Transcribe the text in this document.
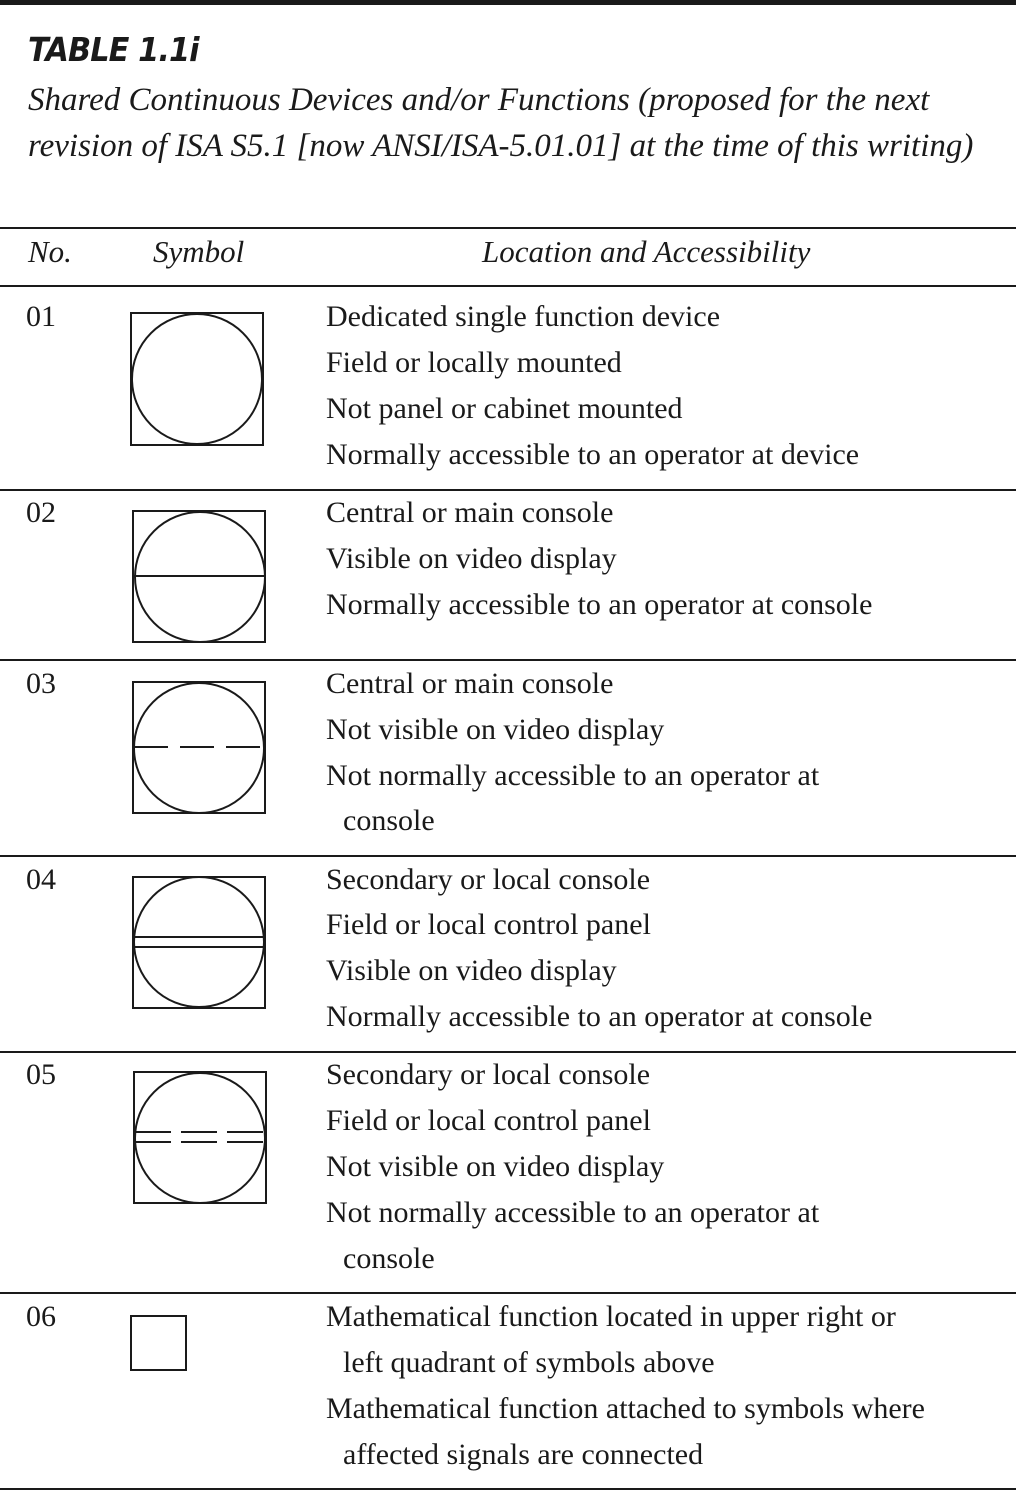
TABLE 1.1i
Shared Continuous Devices and/or Functions (proposed for the next revision of ISA S5.1 [now ANSI/ISA-5.01.01] at the time of this writing)
No.	Symbol	Location and Accessibility
01	Dedicated single function device
Field or locally mounted
Not panel or cabinet mounted
Normally accessible to an operator at device
02	Central or main console
Visible on video display
Normally accessible to an operator at console
03	Central or main console
Not visible on video display
Not normally accessible to an operator at
console
04	Secondary or local console
Field or local control panel
Visible on video display
Normally accessible to an operator at console
05	Secondary or local console
Field or local control panel
Not visible on video display
Not normally accessible to an operator at
console
06	Mathematical function located in upper right or
left quadrant of symbols above
Mathematical function attached to symbols where
affected signals are connected
